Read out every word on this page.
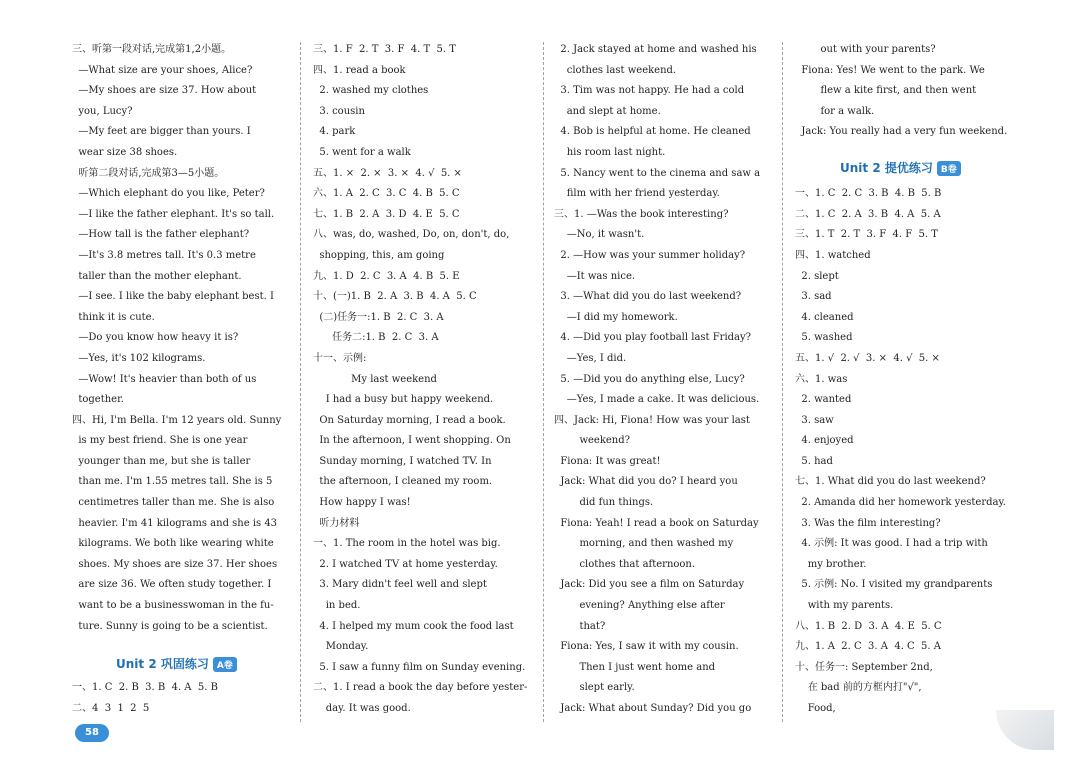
三、听第一段对话,完成第1,2小题。
—What size are your shoes, Alice?
—My shoes are size 37. How about
you, Lucy?
—My feet are bigger than yours. I
wear size 38 shoes.
听第二段对话,完成第3—5小题。
—Which elephant do you like, Peter?
—I like the father elephant. It's so tall.
—How tall is the father elephant?
—It's 3.8 metres tall. It's 0.3 metre
taller than the mother elephant.
—I see. I like the baby elephant best. I
think it is cute.
—Do you know how heavy it is?
—Yes, it's 102 kilograms.
—Wow! It's heavier than both of us
together.
四、Hi, I'm Bella. I'm 12 years old. Sunny
is my best friend. She is one year
younger than me, but she is taller
than me. I'm 1.55 metres tall. She is 5
centimetres taller than me. She is also
heavier. I'm 41 kilograms and she is 43
kilograms. We both like wearing white
shoes. My shoes are size 37. Her shoes
are size 36. We often study together. I
want to be a businesswoman in the fu-
ture. Sunny is going to be a scientist.

一、1. C  2. B  3. B  4. A  5. B
二、4  3  1  2  5
三、1. F  2. T  3. F  4. T  5. T
四、1. read a book
2. washed my clothes
3. cousin
4. park
5. went for a walk
五、1. ×  2. ×  3. ×  4. √  5. ×
六、1. A  2. C  3. C  4. B  5. C
七、1. B  2. A  3. D  4. E  5. C
八、was, do, washed, Do, on, don't, do,
shopping, this, am going
九、1. D  2. C  3. A  4. B  5. E
十、(一)1. B  2. A  3. B  4. A  5. C
(二)任务一:1. B  2. C  3. A
任务二:1. B  2. C  3. A
十一、示例:
My last weekend
I had a busy but happy weekend.
On Saturday morning, I read a book.
In the afternoon, I went shopping. On
Sunday morning, I watched TV. In
the afternoon, I cleaned my room.
How happy I was!
听力材料
一、1. The room in the hotel was big.
2. I watched TV at home yesterday.
3. Mary didn't feel well and slept
in bed.
4. I helped my mum cook the food last
Monday.
5. I saw a funny film on Sunday evening.
二、1. I read a book the day before yester-
day. It was good.
2. Jack stayed at home and washed his
clothes last weekend.
3. Tim was not happy. He had a cold
and slept at home.
4. Bob is helpful at home. He cleaned
his room last night.
5. Nancy went to the cinema and saw a
film with her friend yesterday.
三、1. —Was the book interesting?
—No, it wasn't.
2. —How was your summer holiday?
—It was nice.
3. —What did you do last weekend?
—I did my homework.
4. —Did you play football last Friday?
—Yes, I did.
5. —Did you do anything else, Lucy?
—Yes, I made a cake. It was delicious.
四、Jack: Hi, Fiona! How was your last
weekend?
Fiona: It was great!
Jack: What did you do? I heard you
did fun things.
Fiona: Yeah! I read a book on Saturday
morning, and then washed my
clothes that afternoon.
Jack: Did you see a film on Saturday
evening? Anything else after
that?
Fiona: Yes, I saw it with my cousin.
Then I just went home and
slept early.
Jack: What about Sunday? Did you go
out with your parents?
Fiona: Yes! We went to the park. We
flew a kite first, and then went
for a walk.
Jack: You really had a very fun weekend.

一、1. C  2. C  3. B  4. B  5. B
二、1. C  2. A  3. B  4. A  5. A
三、1. T  2. T  3. F  4. F  5. T
四、1. watched
2. slept
3. sad
4. cleaned
5. washed
五、1. √  2. √  3. ×  4. √  5. ×
六、1. was
2. wanted
3. saw
4. enjoyed
5. had
七、1. What did you do last weekend?
2. Amanda did her homework yesterday.
3. Was the film interesting?
4. 示例: It was good. I had a trip with
my brother.
5. 示例: No. I visited my grandparents
with my parents.
八、1. B  2. D  3. A  4. E  5. C
九、1. A  2. C  3. A  4. C  5. A
十、任务一: September 2nd,
在 bad 前的方框内打"√",
Food,
Unit 2 巩固练习 A卷
Unit 2 提优练习 B卷
58
